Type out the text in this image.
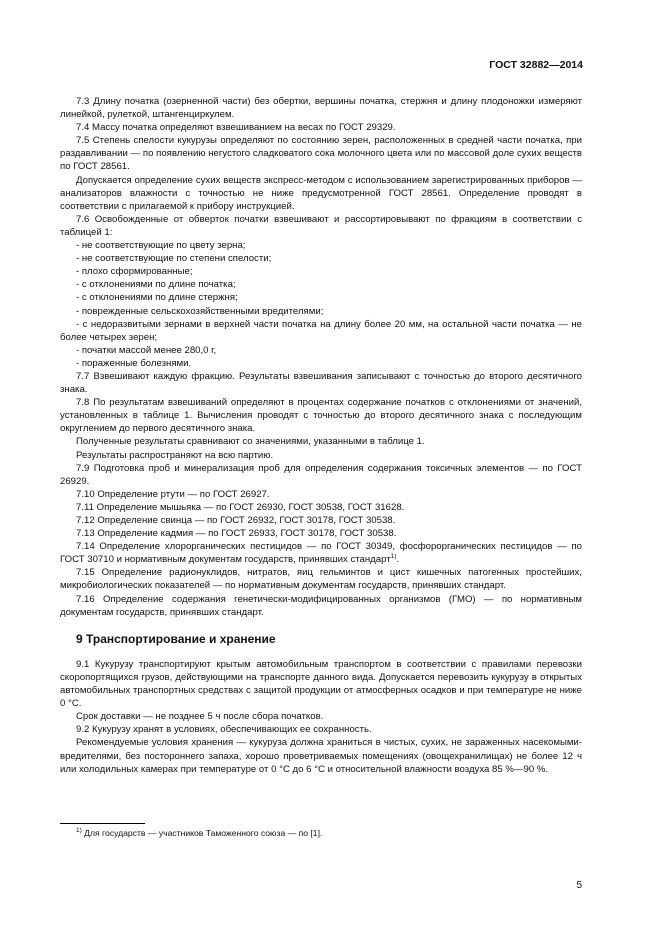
ГОСТ 32882—2014

7.3 Длину початка (озерненной части) без обертки, вершины початка, стержня и длину плодоножки измеряют линейкой, рулеткой, штангенциркулем.

7.4 Массу початка определяют взвешиванием на весах по ГОСТ 29329.

7.5 Степень спелости кукурузы определяют по состоянию зерен, расположенных в средней части початка, при раздавливании — по появлению негустого сладковатого сока молочного цвета или по массовой доле сухих веществ по ГОСТ 28561.

Допускается определение сухих веществ экспресс-методом с использованием зарегистрированных приборов — анализаторов влажности с точностью не ниже предусмотренной ГОСТ 28561. Определение проводят в соответствии с прилагаемой к прибору инструкцией.

7.6 Освобожденные от обверток початки взвешивают и рассортировывают по фракциям в соответствии с таблицей 1:

- не соответствующие по цвету зерна;

- не соответствующие по степени спелости;

- плохо сформированные;

- с отклонениями по длине початка;

- с отклонениями по длине стержня;

- поврежденные сельскохозяйственными вредителями;

- с недоразвитыми зернами в верхней части початка на длину более 20 мм, на остальной части початка — не более четырех зерен;

- початки массой менее 280,0 г,

- пораженные болезнями.

7.7 Взвешивают каждую фракцию. Результаты взвешивания записывают с точностью до второго десятичного знака.

7.8 По результатам взвешиваний определяют в процентах содержание початков с отклонениями от значений, установленных в таблице 1. Вычисления проводят с точностью до второго десятичного знака с последующим округлением до первого десятичного знака.

Полученные результаты сравнивают со значениями, указанными в таблице 1.

Результаты распространяют на всю партию.

7.9 Подготовка проб и минерализация проб для определения содержания токсичных элементов — по ГОСТ 26929.

7.10 Определение ртути — по ГОСТ 26927.

7.11 Определение мышьяка — по ГОСТ 26930, ГОСТ 30538, ГОСТ 31628.

7.12 Определение свинца — по ГОСТ 26932, ГОСТ 30178, ГОСТ 30538.

7.13 Определение кадмия — по ГОСТ 26933, ГОСТ 30178, ГОСТ 30538.

7.14 Определение хлорорганических пестицидов — по ГОСТ 30349, фосфорорганических пестицидов — по ГОСТ 30710 и нормативным документам государств, принявших стандарт$^{1)}$.

7.15 Определение радионуклидов, нитратов, яиц гельминтов и цист кишечных патогенных простейших, микробиологических показателей — по нормативным документам государств, принявших стандарт.

7.16 Определение содержания генетически-модифицированных организмов (ГМО) — по нормативным документам государств, принявших стандарт.

9 Транспортирование и хранение

9.1 Кукурузу транспортируют крытым автомобильным транспортом в соответствии с правилами перевозки скоропортящихся грузов, действующими на транспорте данного вида. Допускается перевозить кукурузу в открытых автомобильных транспортных средствах с защитой продукции от атмосферных осадков и при температуре не ниже 0 °С.

Срок доставки — не позднее 5 ч после сбора початков.

9.2 Кукурузу хранят в условиях, обеспечивающих ее сохранность.

Рекомендуемые условия хранения — кукуруза должна храниться в чистых, сухих, не зараженных насекомыми-вредителями, без постороннего запаха, хорошо проветриваемых помещениях (овощехранилищах) не более 12 ч или холодильных камерах при температуре от 0 °С до 6 °С и относительной влажности воздуха 85 %—90 %.

$^{1)}$ Для государств — участников Таможенного союза — по [1].
5
